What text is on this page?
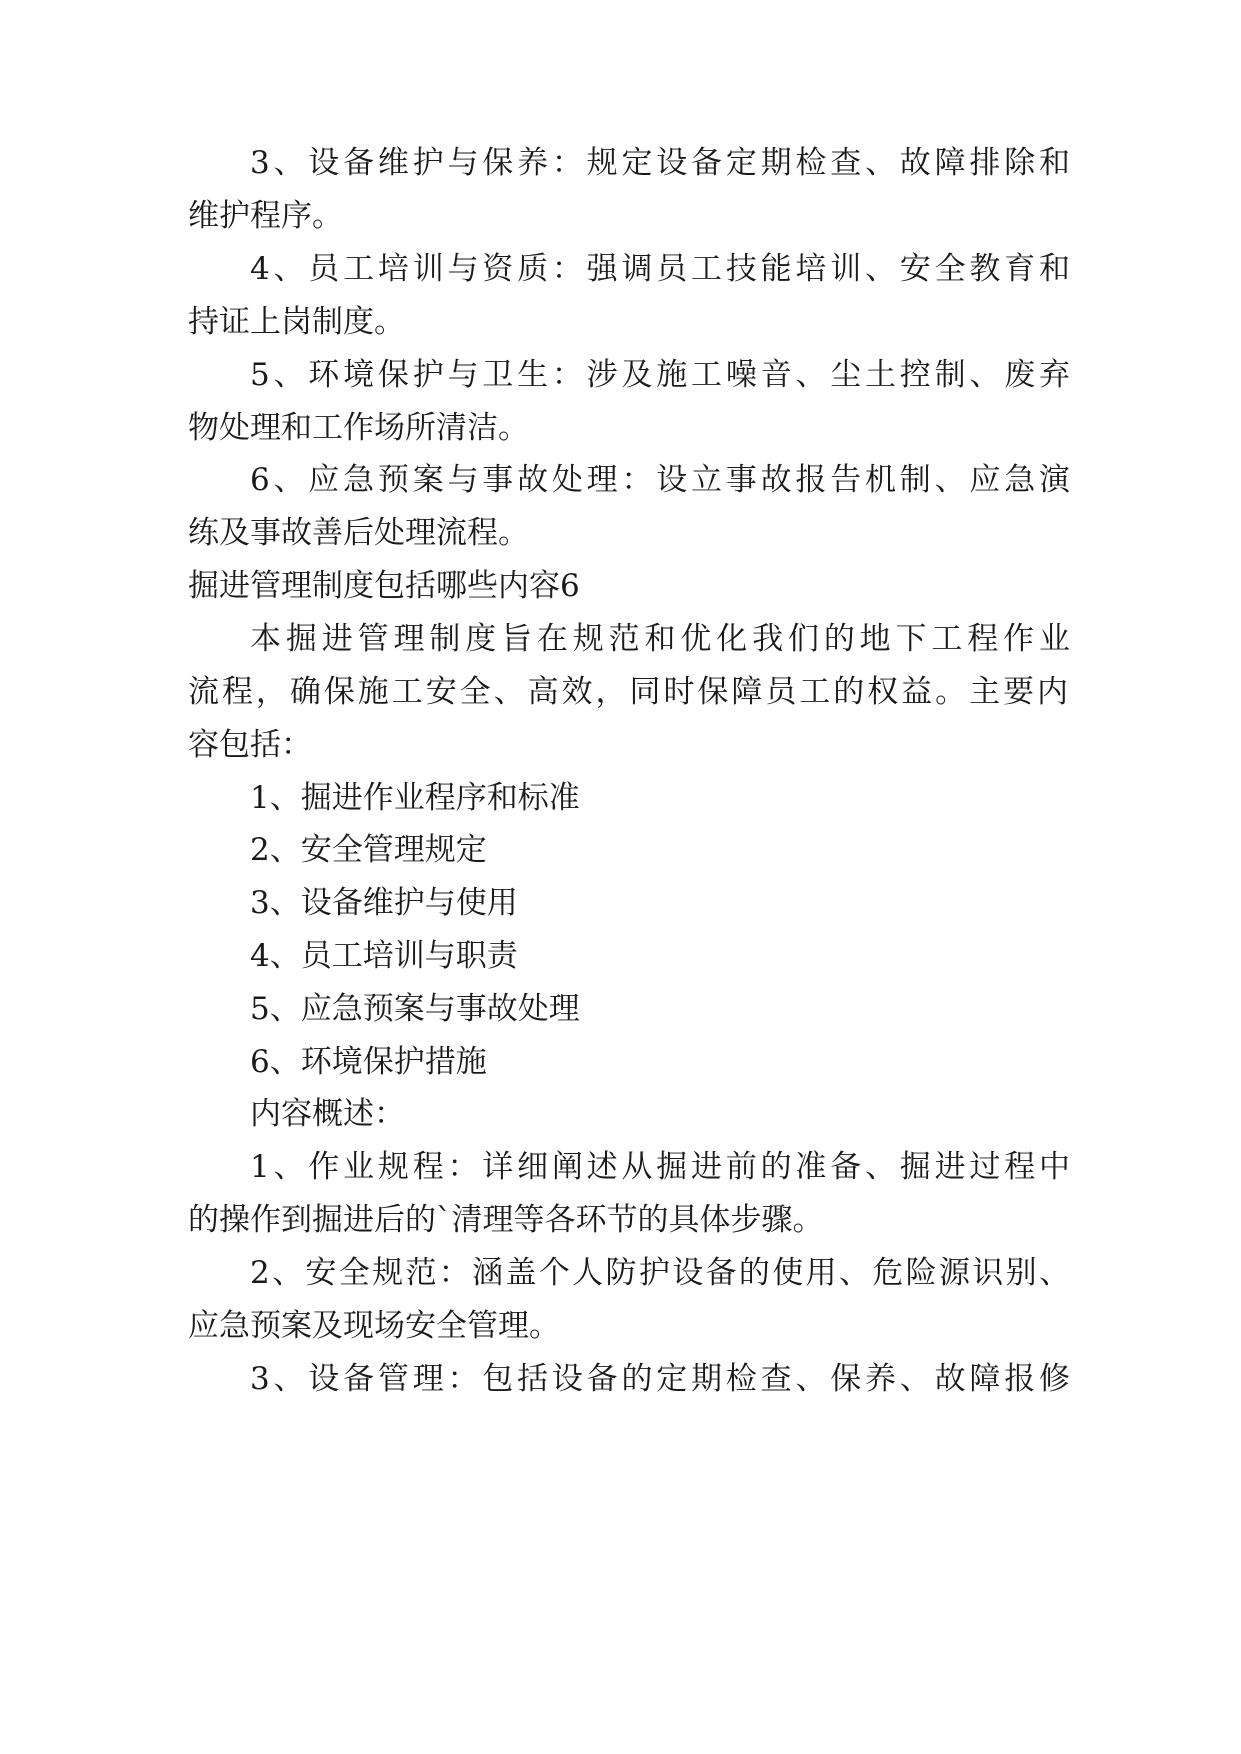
3、设备维护与保养：规定设备定期检查、故障排除和
维护程序。
4、员工培训与资质：强调员工技能培训、安全教育和
持证上岗制度。
5、环境保护与卫生：涉及施工噪音、尘土控制、废弃
物处理和工作场所清洁。
6、应急预案与事故处理：设立事故报告机制、应急演
练及事故善后处理流程。
掘进管理制度包括哪些内容6
本掘进管理制度旨在规范和优化我们的地下工程作业
流程，确保施工安全、高效，同时保障员工的权益。主要内
容包括：
1、掘进作业程序和标准
2、安全管理规定
3、设备维护与使用
4、员工培训与职责
5、应急预案与事故处理
6、环境保护措施
内容概述：
1、作业规程：详细阐述从掘进前的准备、掘进过程中
的操作到掘进后的`清理等各环节的具体步骤。
2、安全规范：涵盖个人防护设备的使用、危险源识别、
应急预案及现场安全管理。
3、设备管理：包括设备的定期检查、保养、故障报修
